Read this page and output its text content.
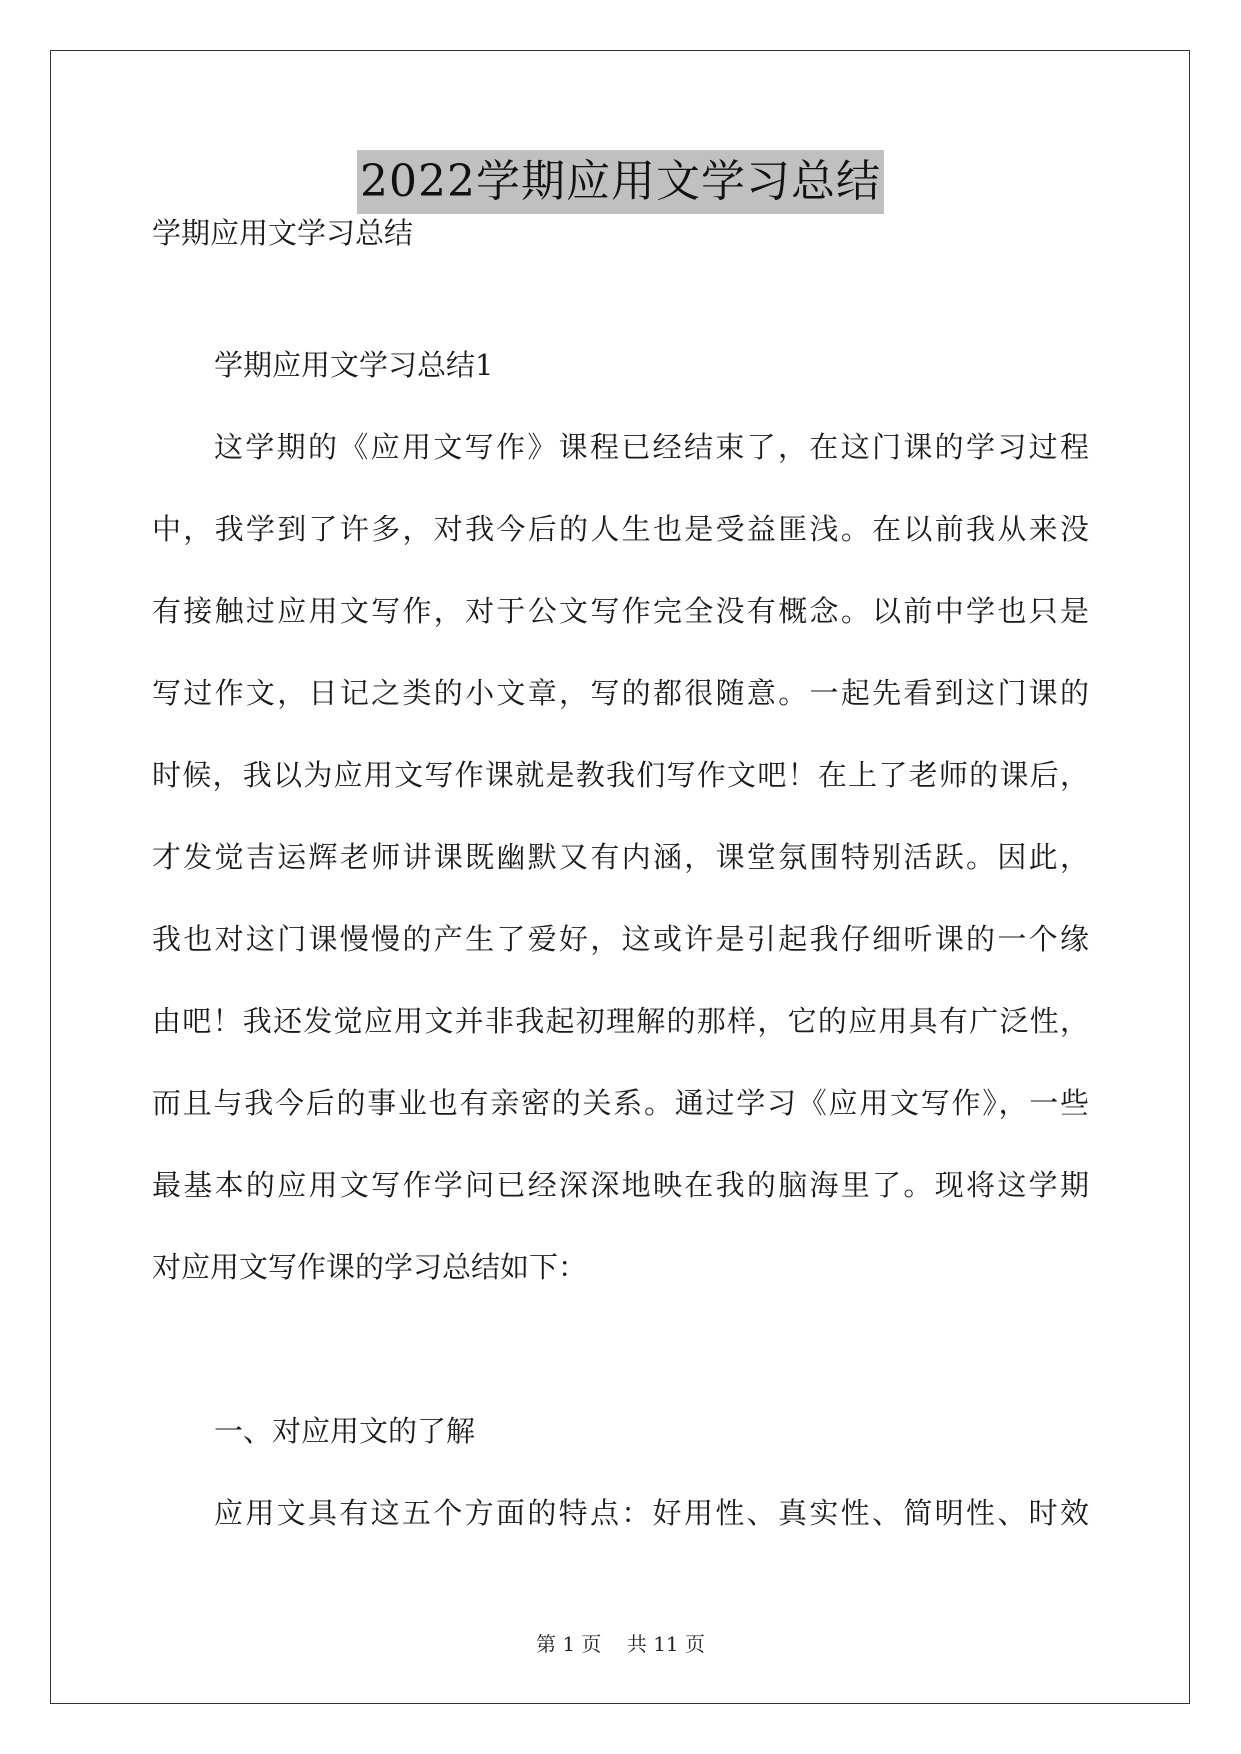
2022学期应用文学习总结
学期应用文学习总结
学期应用文学习总结1
这学期的《应用文写作》课程已经结束了，在这门课的学习过程
中，我学到了许多，对我今后的人生也是受益匪浅。在以前我从来没
有接触过应用文写作，对于公文写作完全没有概念。以前中学也只是
写过作文，日记之类的小文章，写的都很随意。一起先看到这门课的
时候，我以为应用文写作课就是教我们写作文吧！在上了老师的课后，
才发觉吉运辉老师讲课既幽默又有内涵，课堂氛围特别活跃。因此，
我也对这门课慢慢的产生了爱好，这或许是引起我仔细听课的一个缘
由吧！我还发觉应用文并非我起初理解的那样，它的应用具有广泛性，
而且与我今后的事业也有亲密的关系。通过学习《应用文写作》，一些
最基本的应用文写作学问已经深深地映在我的脑海里了。现将这学期
对应用文写作课的学习总结如下：
一、对应用文的了解
应用文具有这五个方面的特点：好用性、真实性、简明性、时效
第 1 页    共 11 页
